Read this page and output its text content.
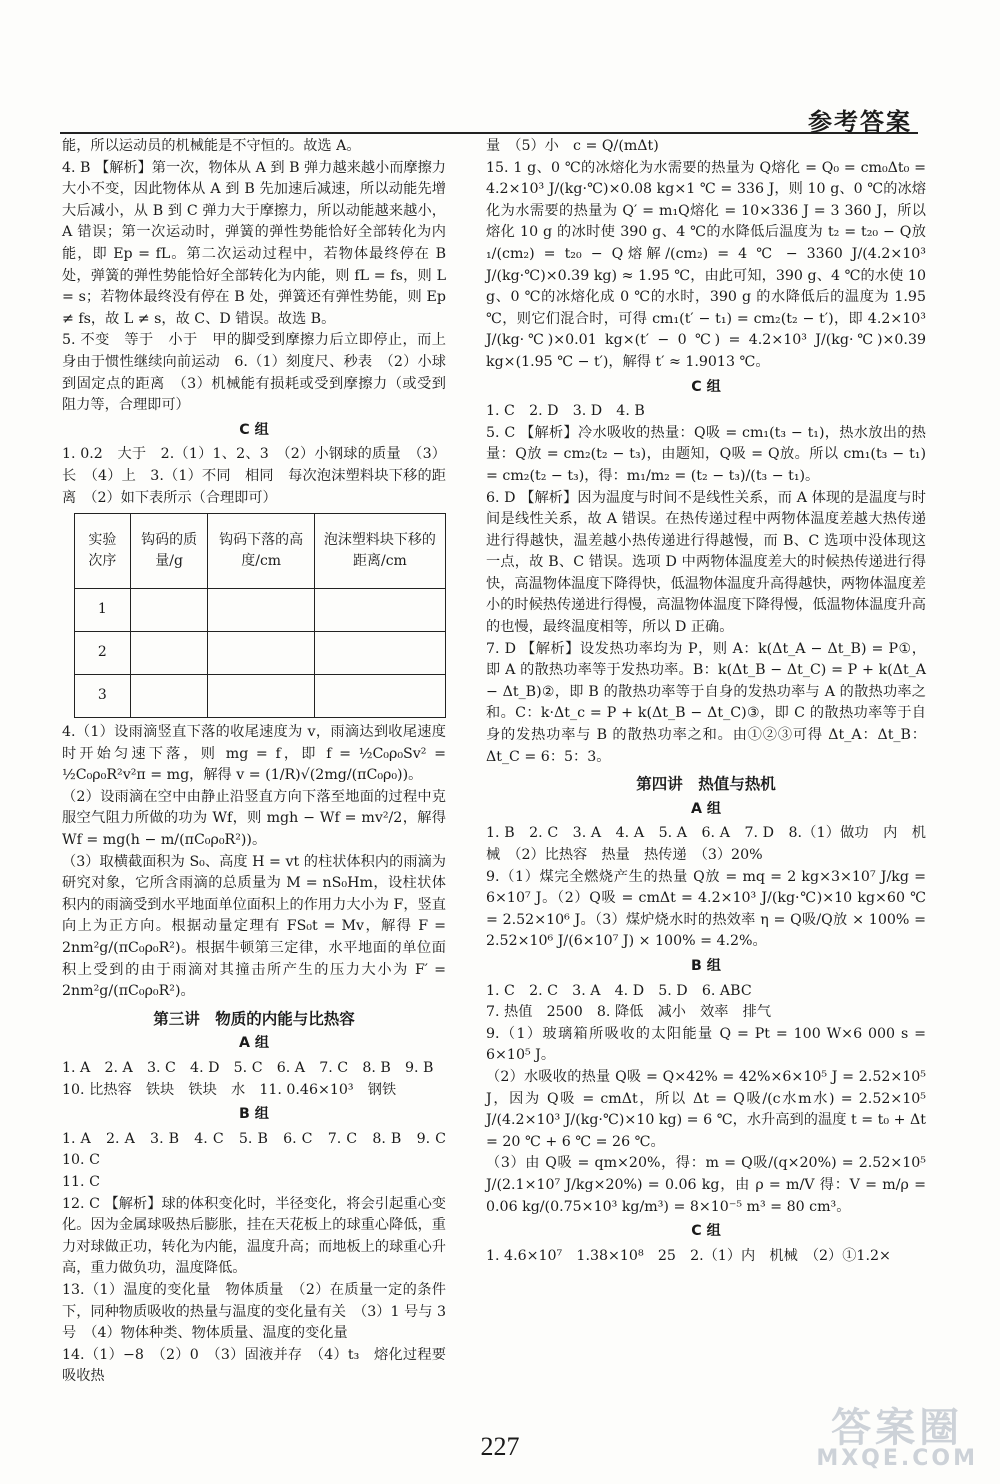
参考答案

能，所以运动员的机械能是不守恒的。故选 A。

4. B 【解析】第一次，物体从 A 到 B 弹力越来越小而摩擦力大小不变，因此物体从 A 到 B 先加速后减速，所以动能先增大后减小，从 B 到 C 弹力大于摩擦力，所以动能越来越小，A 错误；第一次运动时，弹簧的弹性势能恰好全部转化为内能，即 Ep = fL。第二次运动过程中，若物体最终停在 B 处，弹簧的弹性势能恰好全部转化为内能，则 fL = fs，则 L = s；若物体最终没有停在 B 处，弹簧还有弹性势能，则 Ep ≠ fs，故 L ≠ s，故 C、D 错误。故选 B。

5. 不变　等于　小于　甲的脚受到摩擦力后立即停止，而上身由于惯性继续向前运动　6.（1）刻度尺、秒表　（2）小球到固定点的距离　（3）机械能有损耗或受到摩擦力（或受到阻力等，合理即可）

C 组

1. 0.2　大于　2.（1）1、2、3　（2）小钢球的质量　（3）长　（4）上　3.（1）不同　相同　每次泡沫塑料块下移的距离　（2）如下表所示（合理即可）

实验次序	钩码的质量/g	钩码下落的高度/cm	泡沫塑料块下移的距离/cm
1			
2			
3			

4.（1）设雨滴竖直下落的收尾速度为 v，雨滴达到收尾速度时开始匀速下落，则 mg = f，即 f = ½C₀ρ₀Sv² = ½C₀ρ₀R²v²π = mg，解得 v = (1/R)√(2mg/(πC₀ρ₀))。

（2）设雨滴在空中由静止沿竖直方向下落至地面的过程中克服空气阻力所做的功为 Wf，则 mgh − Wf = mv²/2，解得 Wf = mg(h − m/(πC₀ρ₀R²))。

（3）取横截面积为 S₀、高度 H = vt 的柱状体积内的雨滴为研究对象，它所含雨滴的总质量为 M = nS₀Hm，设柱状体积内的雨滴受到水平地面单位面积上的作用力大小为 F，竖直向上为正方向。根据动量定理有 FS₀t = Mv，解得 F = 2nm²g/(πC₀ρ₀R²)。根据牛顿第三定律，水平地面的单位面积上受到的由于雨滴对其撞击所产生的压力大小为 F′ = 2nm²g/(πC₀ρ₀R²)。

第三讲　物质的内能与比热容

A 组

1. A　2. A　3. C　4. D　5. C　6. A　7. C　8. B　9. B

10. 比热容　铁块　铁块　水　11. 0.46×10³　钢铁

B 组

1. A　2. A　3. B　4. C　5. B　6. C　7. C　8. B　9. C　10. C

11. C

12. C 【解析】球的体积变化时，半径变化，将会引起重心变化。因为金属球吸热后膨胀，挂在天花板上的球重心降低，重力对球做正功，转化为内能，温度升高；而地板上的球重心升高，重力做负功，温度降低。

13.（1）温度的变化量　物体质量　（2）在质量一定的条件下，同种物质吸收的热量与温度的变化量有关　（3）1 号与 3 号　（4）物体种类、物体质量、温度的变化量

14.（1）−8　（2）0　（3）固液并存　（4）t₃　熔化过程要吸收热

量　（5）小　c = Q/(mΔt)

15. 1 g、0 ℃的冰熔化为水需要的热量为 Q熔化 = Q₀ = cm₀Δt₀ = 4.2×10³ J/(kg·℃)×0.08 kg×1 ℃ = 336 J，则 10 g、0 ℃的冰熔化为水需要的热量为 Q′ = m₁Q熔化 = 10×336 J = 3 360 J，所以熔化 10 g 的冰时使 390 g、4 ℃的水降低后温度为 t₂ = t₂₀ − Q放₁/(cm₂) = t₂₀ − Q熔解/(cm₂) = 4 ℃ − 3360 J/(4.2×10³ J/(kg·℃)×0.39 kg) ≈ 1.95 ℃，由此可知，390 g、4 ℃的水使 10 g、0 ℃的冰熔化成 0 ℃的水时，390 g 的水降低后的温度为 1.95 ℃，则它们混合时，可得 cm₁(t′ − t₁) = cm₂(t₂ − t′)，即 4.2×10³ J/(kg·℃)×0.01 kg×(t′ − 0 ℃) = 4.2×10³ J/(kg·℃)×0.39 kg×(1.95 ℃ − t′)，解得 t′ ≈ 1.9013 ℃。

C 组

1. C　2. D　3. D　4. B

5. C 【解析】冷水吸收的热量：Q吸 = cm₁(t₃ − t₁)，热水放出的热量：Q放 = cm₂(t₂ − t₃)，由题知，Q吸 = Q放。所以 cm₁(t₃ − t₁) = cm₂(t₂ − t₃)，得：m₁/m₂ = (t₂ − t₃)/(t₃ − t₁)。

6. D 【解析】因为温度与时间不是线性关系，而 A 体现的是温度与时间是线性关系，故 A 错误。在热传递过程中两物体温度差越大热传递进行得越快，温差越小热传递进行得越慢，而 B、C 选项中没体现这一点，故 B、C 错误。选项 D 中两物体温度差大的时候热传递进行得快，高温物体温度下降得快，低温物体温度升高得越快，两物体温度差小的时候热传递进行得慢，高温物体温度下降得慢，低温物体温度升高的也慢，最终温度相等，所以 D 正确。

7. D 【解析】设发热功率均为 P，则 A：k(Δt_A − Δt_B) = P①，即 A 的散热功率等于发热功率。B：k(Δt_B − Δt_C) = P + k(Δt_A − Δt_B)②，即 B 的散热功率等于自身的发热功率与 A 的散热功率之和。C：k·Δt_c = P + k(Δt_B − Δt_C)③，即 C 的散热功率等于自身的发热功率与 B 的散热功率之和。由①②③可得 Δt_A：Δt_B：Δt_C = 6：5：3。

第四讲　热值与热机

A 组

1. B　2. C　3. A　4. A　5. A　6. A　7. D　8.（1）做功　内　机械　（2）比热容　热量　热传递　（3）20%

9.（1）煤完全燃烧产生的热量 Q放 = mq = 2 kg×3×10⁷ J/kg = 6×10⁷ J。（2）Q吸 = cmΔt = 4.2×10³ J/(kg·℃)×10 kg×60 ℃ = 2.52×10⁶ J。（3）煤炉烧水时的热效率 η = Q吸/Q放 × 100% = 2.52×10⁶ J/(6×10⁷ J) × 100% = 4.2%。

B 组

1. C　2. C　3. A　4. D　5. D　6. ABC

7. 热值　2500　8. 降低　减小　效率　排气

9.（1）玻璃箱所吸收的太阳能量 Q = Pt = 100 W×6 000 s = 6×10⁵ J。

（2）水吸收的热量 Q吸 = Q×42% = 42%×6×10⁵ J = 2.52×10⁵ J，因为 Q吸 = cmΔt，所以 Δt = Q吸/(c水m水) = 2.52×10⁵ J/(4.2×10³ J/(kg·℃)×10 kg) = 6 ℃，水升高到的温度 t = t₀ + Δt = 20 ℃ + 6 ℃ = 26 ℃。

（3）由 Q吸 = qm×20%，得：m = Q吸/(q×20%) = 2.52×10⁵ J/(2.1×10⁷ J/kg×20%) = 0.06 kg，由 ρ = m/V 得：V = m/ρ = 0.06 kg/(0.75×10³ kg/m³) = 8×10⁻⁵ m³ = 80 cm³。

C 组

1. 4.6×10⁷　1.38×10⁸　25　2.（1）内　机械　（2）①1.2×

227	答案圈
MXQE.COM
